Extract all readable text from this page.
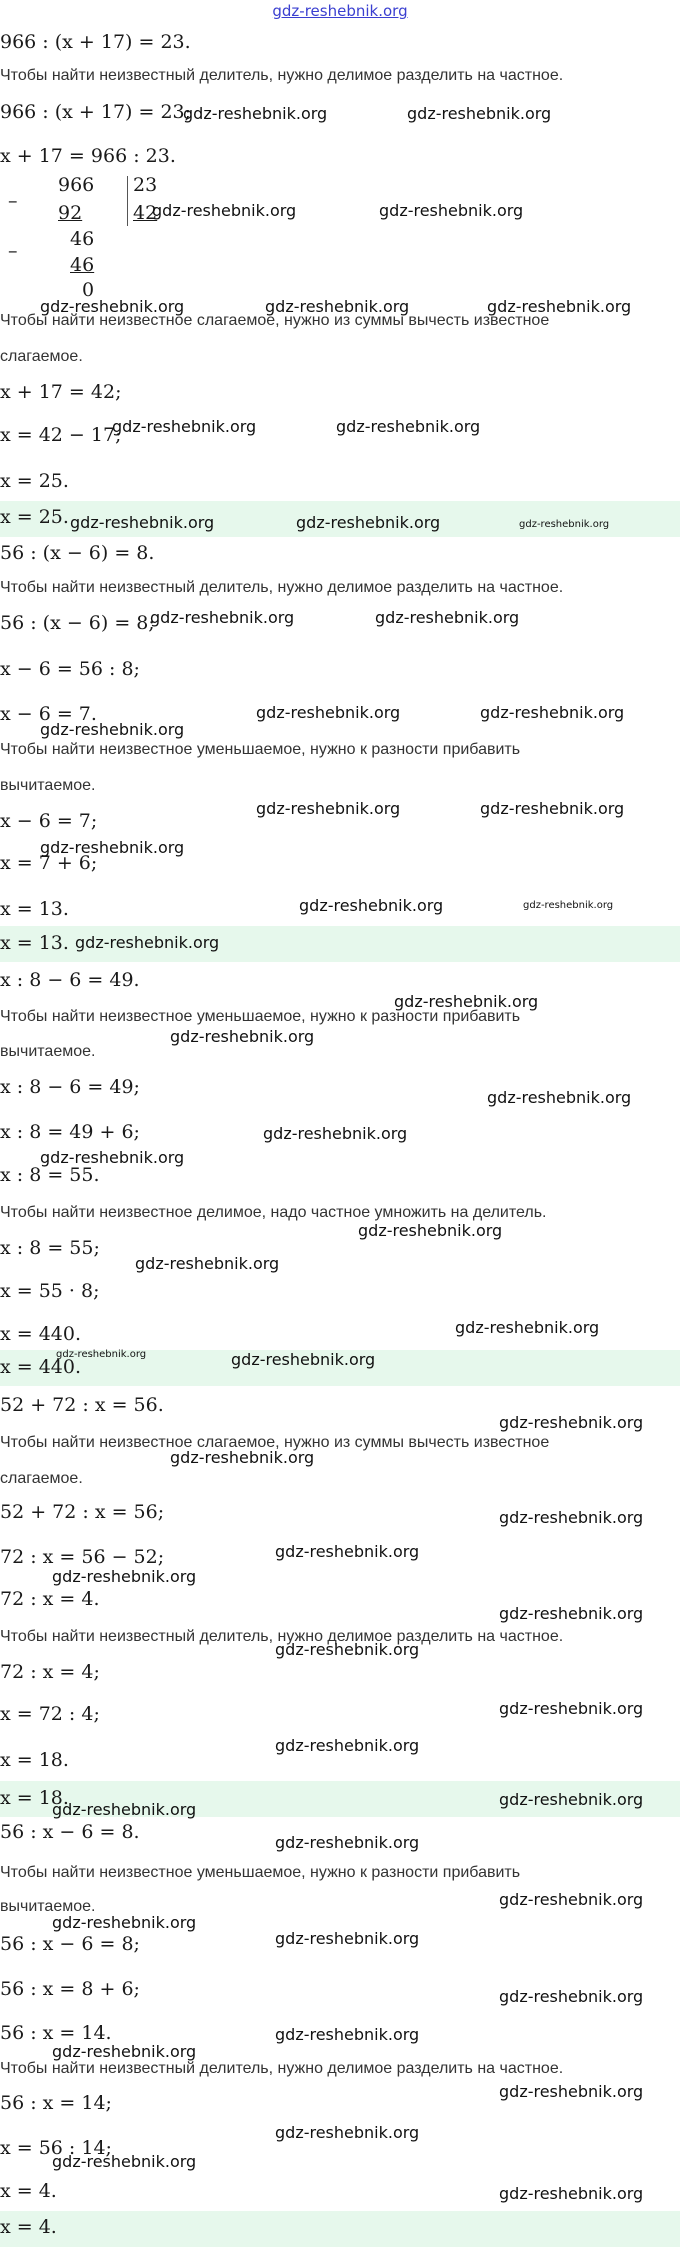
gdz-reshebnik.org
966 : (x + 17) = 23.
Чтобы найти неизвестный делитель, нужно делимое разделить на частное.
966 : (x + 17) = 23;
x + 17 = 966 : 23.
–
966 23
42
92
–
46
46
0
Чтобы найти неизвестное слагаемое, нужно из суммы вычесть известное
слагаемое.
x + 17 = 42;
x = 42 − 17;
x = 25.
x = 25.
56 : (x − 6) = 8.
Чтобы найти неизвестный делитель, нужно делимое разделить на частное.
56 : (x − 6) = 8;
x − 6 = 56 : 8;
x − 6 = 7.
Чтобы найти неизвестное уменьшаемое, нужно к разности прибавить
вычитаемое.
x − 6 = 7;
x = 7 + 6;
x = 13.
x = 13.
x : 8 − 6 = 49.
Чтобы найти неизвестное уменьшаемое, нужно к разности прибавить
вычитаемое.
x : 8 − 6 = 49;
x : 8 = 49 + 6;
x : 8 = 55.
Чтобы найти неизвестное делимое, надо частное умножить на делитель.
x : 8 = 55;
x = 55 · 8;
x = 440.
x = 440.
52 + 72 : x = 56.
Чтобы найти неизвестное слагаемое, нужно из суммы вычесть известное
слагаемое.
52 + 72 : x = 56;
72 : x = 56 − 52;
72 : x = 4.
Чтобы найти неизвестный делитель, нужно делимое разделить на частное.
72 : x = 4;
x = 72 : 4;
x = 18.
x = 18.
56 : x − 6 = 8.
Чтобы найти неизвестное уменьшаемое, нужно к разности прибавить
вычитаемое.
56 : x − 6 = 8;
56 : x = 8 + 6;
56 : x = 14.
Чтобы найти неизвестный делитель, нужно делимое разделить на частное.
56 : x = 14;
x = 56 : 14;
x = 4.
x = 4.
gdz-reshebnik.org	gdz-reshebnik.org
gdz-reshebnik.org	gdz-reshebnik.org
gdz-reshebnik.org	gdz-reshebnik.org	gdz-reshebnik.org
gdz-reshebnik.org	gdz-reshebnik.org
gdz-reshebnik.org	gdz-reshebnik.org	gdz-reshebnik.org
gdz-reshebnik.org	gdz-reshebnik.org
gdz-reshebnik.org	gdz-reshebnik.org
gdz-reshebnik.org
gdz-reshebnik.org	gdz-reshebnik.org
gdz-reshebnik.org
gdz-reshebnik.org	gdz-reshebnik.org
gdz-reshebnik.org
gdz-reshebnik.org
gdz-reshebnik.org
gdz-reshebnik.org
gdz-reshebnik.org
gdz-reshebnik.org
gdz-reshebnik.org
gdz-reshebnik.org
gdz-reshebnik.org
gdz-reshebnik.org	gdz-reshebnik.org
gdz-reshebnik.org
gdz-reshebnik.org
gdz-reshebnik.org
gdz-reshebnik.org
gdz-reshebnik.org
gdz-reshebnik.org
gdz-reshebnik.org
gdz-reshebnik.org
gdz-reshebnik.org
gdz-reshebnik.org
gdz-reshebnik.org
gdz-reshebnik.org
gdz-reshebnik.org
gdz-reshebnik.org
gdz-reshebnik.org
gdz-reshebnik.org
gdz-reshebnik.org
gdz-reshebnik.org
gdz-reshebnik.org
gdz-reshebnik.org
gdz-reshebnik.org
gdz-reshebnik.org
